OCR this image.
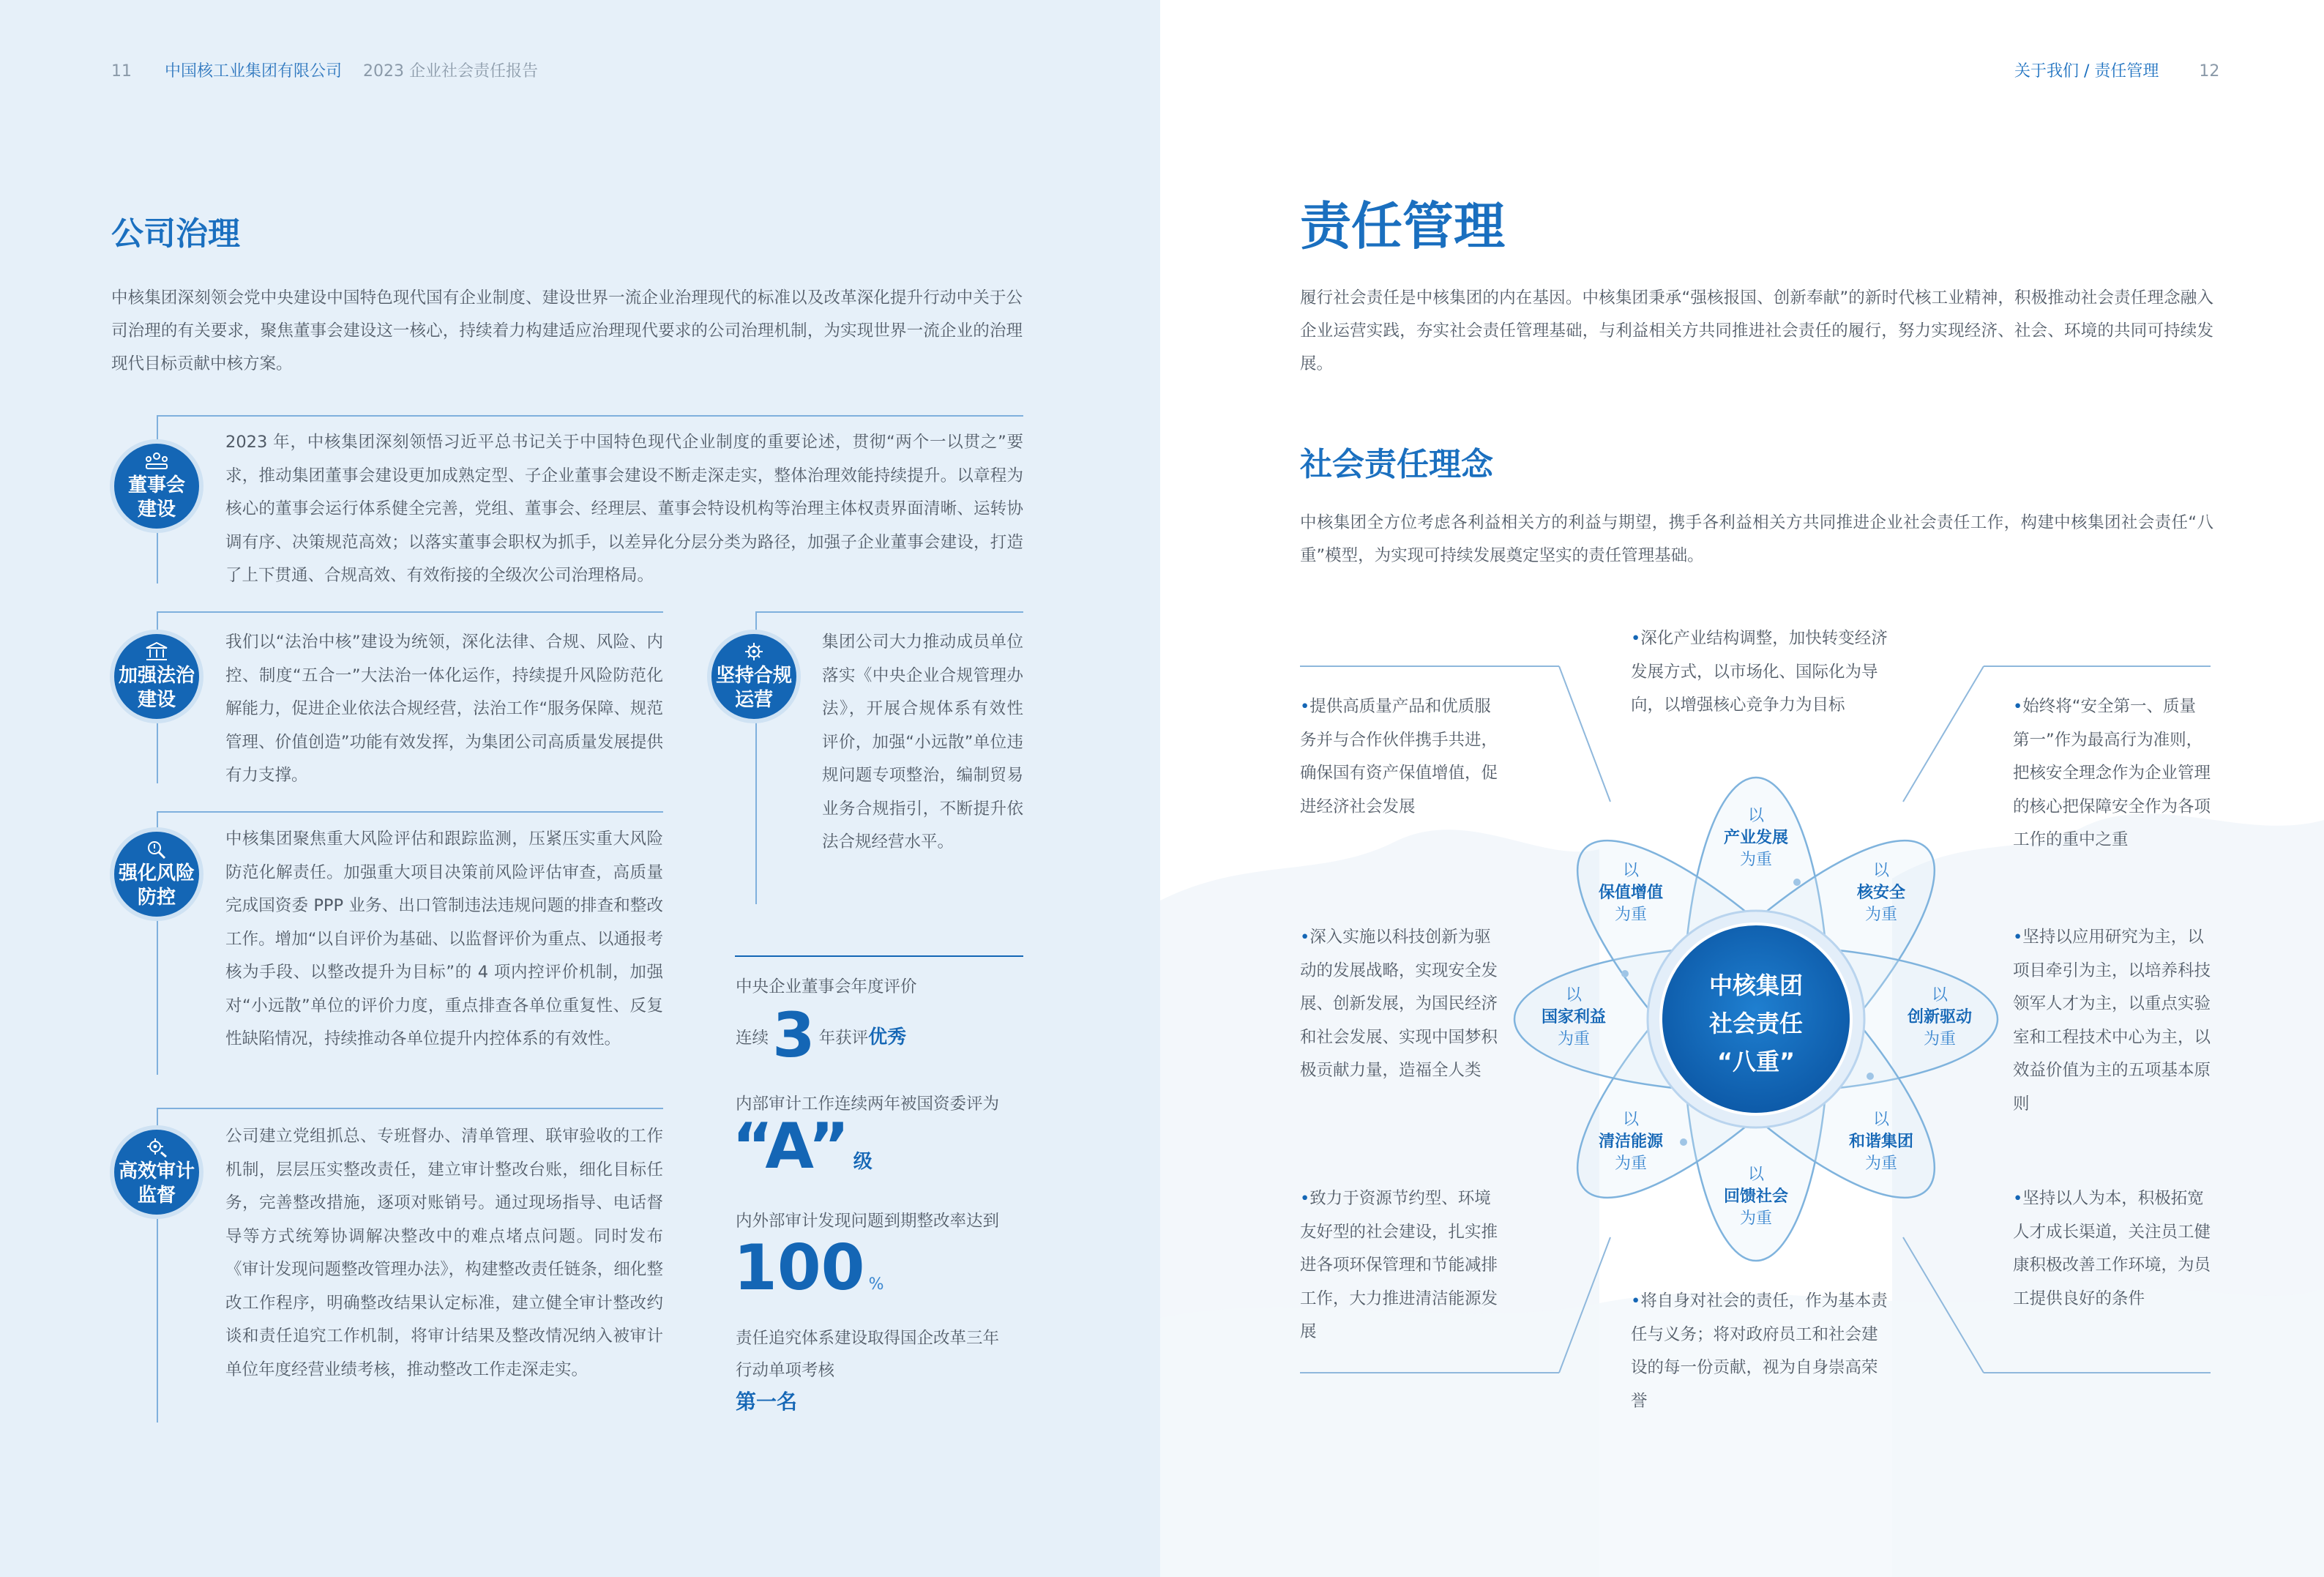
11 中国核工业集团有限公司 2023 企业社会责任报告
公司治理
中核集团深刻领会党中央建设中国特色现代国有企业制度、建设世界一流企业治理现代的标准以及改革深化提升行动中关于公司治理的有关要求，聚焦董事会建设这一核心，持续着力构建适应治理现代要求的公司治理机制，为实现世界一流企业的治理现代目标贡献中核方案。
董事会
建设
2023 年，中核集团深刻领悟习近平总书记关于中国特色现代企业制度的重要论述，贯彻“两个一以贯之”要求，推动集团董事会建设更加成熟定型、子企业董事会建设不断走深走实，整体治理效能持续提升。以章程为核心的董事会运行体系健全完善，党组、董事会、经理层、董事会特设机构等治理主体权责界面清晰、运转协调有序、决策规范高效；以落实董事会职权为抓手，以差异化分层分类为路径，加强子企业董事会建设，打造了上下贯通、合规高效、有效衔接的全级次公司治理格局。
加强法治
建设
我们以“法治中核”建设为统领，深化法律、合规、风险、内控、制度“五合一”大法治一体化运作，持续提升风险防范化解能力，促进企业依法合规经营，法治工作“服务保障、规范管理、价值创造”功能有效发挥，为集团公司高质量发展提供有力支撑。
坚持合规
运营
集团公司大力推动成员单位落实《中央企业合规管理办法》，开展合规体系有效性评价，加强“小远散”单位违规问题专项整治，编制贸易业务合规指引，不断提升依法合规经营水平。
强化风险
防控
中核集团聚焦重大风险评估和跟踪监测，压紧压实重大风险防范化解责任。加强重大项目决策前风险评估审查，高质量完成国资委 PPP 业务、出口管制违法违规问题的排查和整改工作。增加“以自评价为基础、以监督评价为重点、以通报考核为手段、以整改提升为目标”的 4 项内控评价机制，加强对“小远散”单位的评价力度，重点排查各单位重复性、反复性缺陷情况，持续推动各单位提升内控体系的有效性。
高效审计
监督
公司建立党组抓总、专班督办、清单管理、联审验收的工作机制，层层压实整改责任，建立审计整改台账，细化目标任务，完善整改措施，逐项对账销号。通过现场指导、电话督导等方式统筹协调解决整改中的难点堵点问题。同时发布《审计发现问题整改管理办法》，构建整改责任链条，细化整改工作程序，明确整改结果认定标准，建立健全审计整改约谈和责任追究工作机制，将审计结果及整改情况纳入被审计单位年度经营业绩考核，推动整改工作走深走实。
中央企业董事会年度评价
连续 3 年获评优秀
内部审计工作连续两年被国资委评为
“A” 级
内外部审计发现问题到期整改率达到
100 %
责任追究体系建设取得国企改革三年
行动单项考核
第一名
关于我们 / 责任管理	12
责任管理
履行社会责任是中核集团的内在基因。中核集团秉承“强核报国、创新奉献”的新时代核工业精神，积极推动社会责任理念融入企业运营实践，夯实社会责任管理基础，与利益相关方共同推进社会责任的履行，努力实现经济、社会、环境的共同可持续发展。
社会责任理念
中核集团全方位考虑各利益相关方的利益与期望，携手各利益相关方共同推进企业社会责任工作，构建中核集团社会责任“八重”模型，为实现可持续发展奠定坚实的责任管理基础。
中核集团
社会责任
“八重”
以
产业发展
为重
以
核安全
为重
以
创新驱动
为重
以
和谐集团
为重
以
回馈社会
为重
以
清洁能源
为重
以
国家利益
为重
以
保值增值
为重
•深化产业结构调整，加快转变经济发展方式，以市场化、国际化为导向，以增强核心竞争力为目标
•提供高质量产品和优质服务并与合作伙伴携手共进，确保国有资产保值增值，促进经济社会发展
•深入实施以科技创新为驱动的发展战略，实现安全发展、创新发展，为国民经济和社会发展、实现中国梦积极贡献力量，造福全人类
•致力于资源节约型、环境友好型的社会建设，扎实推进各项环保管理和节能减排工作，大力推进清洁能源发展
•将自身对社会的责任，作为基本责任与义务；将对政府员工和社会建设的每一份贡献，视为自身崇高荣誉
•始终将“安全第一、质量第一”作为最高行为准则，把核安全理念作为企业管理的核心把保障安全作为各项工作的重中之重
•坚持以应用研究为主，以项目牵引为主，以培养科技领军人才为主，以重点实验室和工程技术中心为主，以效益价值为主的五项基本原则
•坚持以人为本，积极拓宽人才成长渠道，关注员工健康积极改善工作环境，为员工提供良好的条件
